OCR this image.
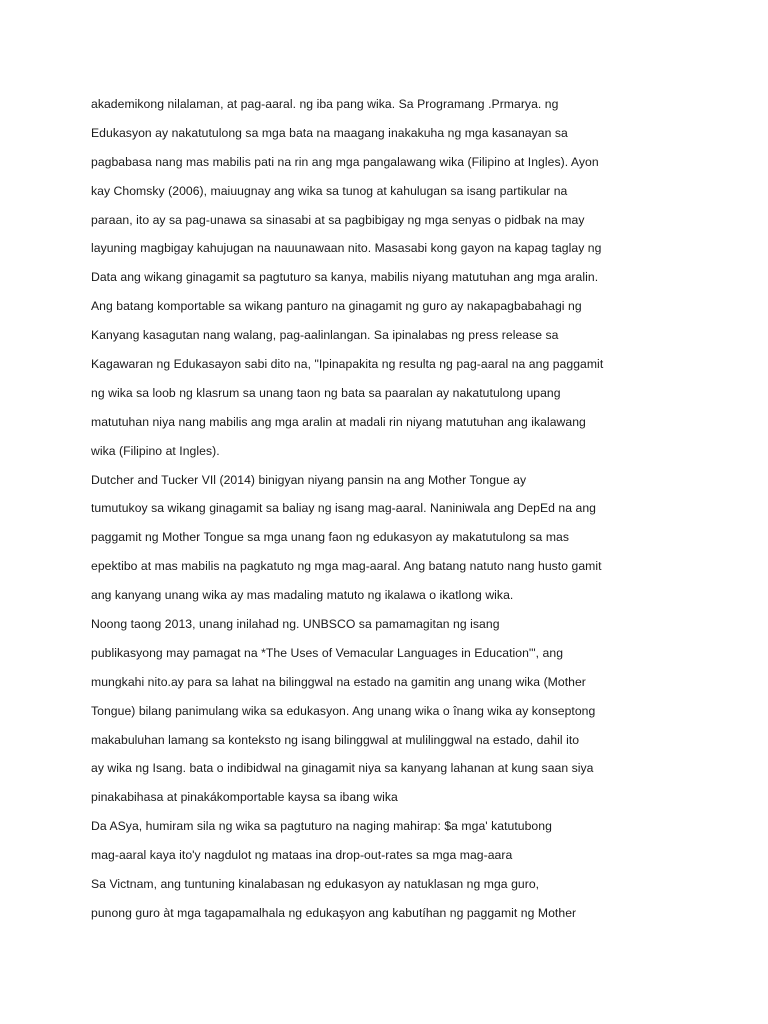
akademikong nilalaman, at pag-aaral. ng iba pang wika. Sa Programang .Prmarya. ng
Edukasyon ay nakatutulong sa mga bata na maagang inakakuha ng mga kasanayan sa
pagbabasa nang mas mabilis pati na rin ang mga pangalawang wika (Filipino at Ingles). Ayon
kay Chomsky (2006), maiuugnay ang wika sa tunog at kahulugan sa isang partikular na
paraan, ito ay sa pag-unawa sa sinasabi at sa pagbibigay ng mga senyas o pidbak na may
layuning magbigay kahujugan na nauunawaan nito. Masasabi kong gayon na kapag taglay ng
Data ang wikang ginagamit sa pagtuturo sa kanya, mabilis niyang matutuhan ang mga aralin.
Ang batang komportable sa wikang panturo na ginagamit ng guro ay nakapagbabahagi ng
Kanyang kasagutan nang walang, pag-aalinlangan. Sa ipinalabas ng press release sa
Kagawaran ng Edukasayon sabi dito na, "Ipinapakita ng resulta ng pag-aaral na ang paggamit
ng wika sa loob ng klasrum sa unang taon ng bata sa paaralan ay nakatutulong upang
matutuhan niya nang mabilis ang mga aralin at madali rin niyang matutuhan ang ikalawang
wika (Filipino at Ingles).
Dutcher and Tucker VIl (2014) binigyan niyang pansin na ang Mother Tongue ay
tumutukoy sa wikang ginagamit sa baliay ng isang mag-aaral. Naniniwala ang DepEd na ang
paggamit ng Mother Tongue sa mga unang faon ng edukasyon ay makatutulong sa mas
epektibo at mas mabilis na pagkatuto ng mga mag-aaral. Ang batang natuto nang husto gamit
ang kanyang unang wika ay mas madaling matuto ng ikalawa o ikatlong wika.
Noong taong 2013, unang inilahad ng. UNBSCO sa pamamagitan ng isang
publikasyong may pamagat na *The Uses of Vemacular Languages in Education'", ang
mungkahi nito.ay para sa lahat na bilinggwal na estado na gamitin ang unang wika (Mother
Tongue) bilang panimulang wika sa edukasyon. Ang unang wika o înang wika ay konseptong
makabuluhan lamang sa konteksto ng isang bilinggwal at mulilinggwal na estado, dahil ito
ay wika ng Isang. bata o indibidwal na ginagamit niya sa kanyang lahanan at kung saan siya
pinakabihasa at pinakákomportable kaysa sa ibang wika
Da ASya, humiram sila ng wika sa pagtuturo na naging mahirap: $a mga' katutubong
mag-aaral kaya ito'y nagdulot ng mataas ina drop-out-rates sa mga mag-aara
Sa Victnam, ang tuntuning kinalabasan ng edukasyon ay natuklasan ng mga guro,
punong guro àt mga tagapamalhala ng edukaşyon ang kabutíhan ng paggamit ng Mother
